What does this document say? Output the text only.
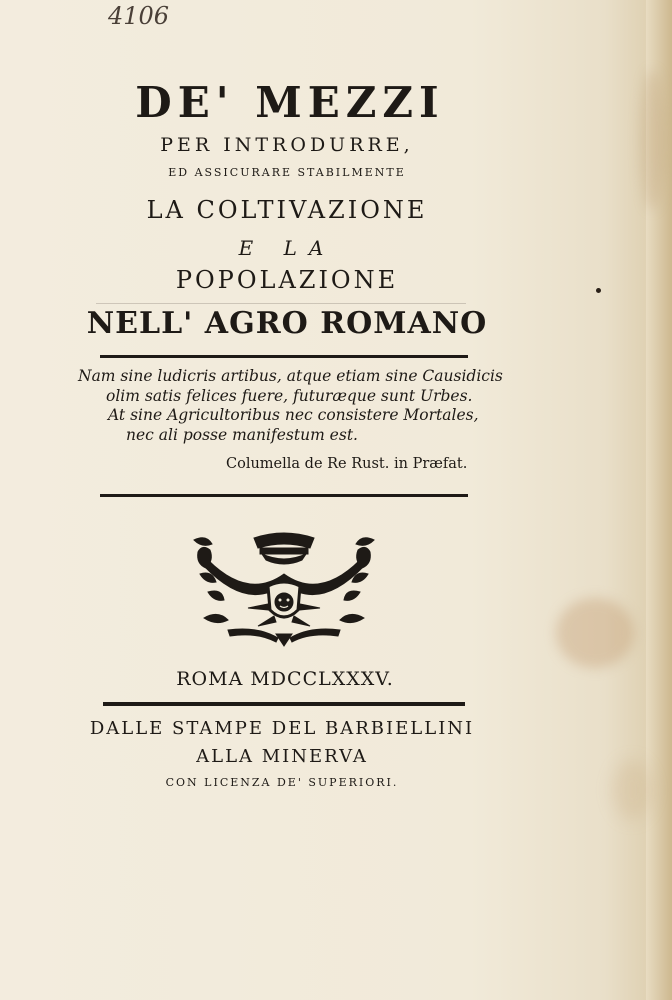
4106
DE' MEZZI
PER INTRODURRE,
ED ASSICURARE STABILMENTE
LA COLTIVAZIONE
E LA
POPOLAZIONE
NELL' AGRO ROMANO
Nam sine ludicris artibus, atque etiam sine Causidicis
olim satis felices fuere, futuræque sunt Urbes.
At sine Agricultoribus nec consistere Mortales,
nec ali posse manifestum est.
Columella de Re Rust. in Præfat.
ROMA MDCCLXXXV.
DALLE STAMPE DEL BARBIELLINI
ALLA MINERVA
CON LICENZA DE' SUPERIORI.
